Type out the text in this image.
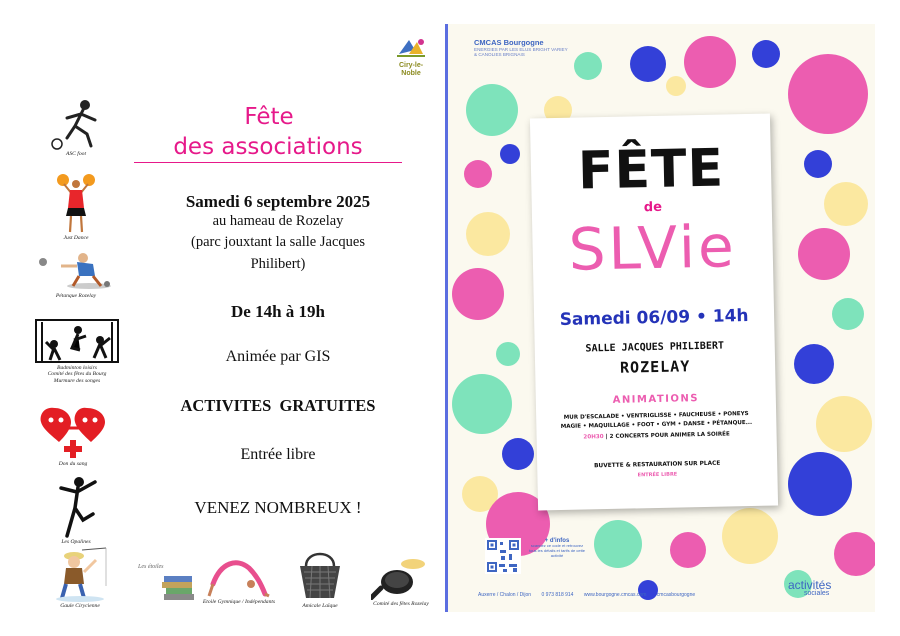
ASC foot
Just Dance
Pétanque Rozelay
Badminton loisirs
Comité des fêtes du Bourg
Murmure des songes
Don du sang
Les Opalines
Gaule Cirycienne
Les étoiles
Etoile Gymnique / Indépendants
Amicale Laïque	Comité des fêtes Rozelay
Ciry-le-Noble
Fête
des associations
Samedi 6 septembre 2025
au hameau de Rozelay
(parc jouxtant la salle Jacques
Philibert)
De 14h à 19h
Animée par GIS
ACTIVITES  GRATUITES
Entrée libre
VENEZ NOMBREUX !
CMCAS Bourgogne
ENERGIES PAR LES ELUS BRIGHT VARIEY
& CANOLIES BRIGNAIS
FÊTE
de
SLVie
Samedi 06/09 • 14h
SALLE JACQUES PHILIBERT
ROZELAY
ANIMATIONS
MUR D'ESCALADE • VENTRIGLISSE • FAUCHEUSE • PONEYS
MAGIE • MAQUILLAGE • FOOT • GYM • DANSE • PÉTANQUE...
20H30 | 2 CONCERTS POUR ANIMER LA SOIRÉE
BUVETTE & RESTAURATION SUR PLACE
ENTRÉE LIBRE
+ d'infos
scannez ce code et retrouvez tous les détails et tarifs de cette activité
Auxerre / Chalon / Dijon 0 973 818 914 www.bourgogne.cmcas.com cmcasbourgogne
activités
sociales
